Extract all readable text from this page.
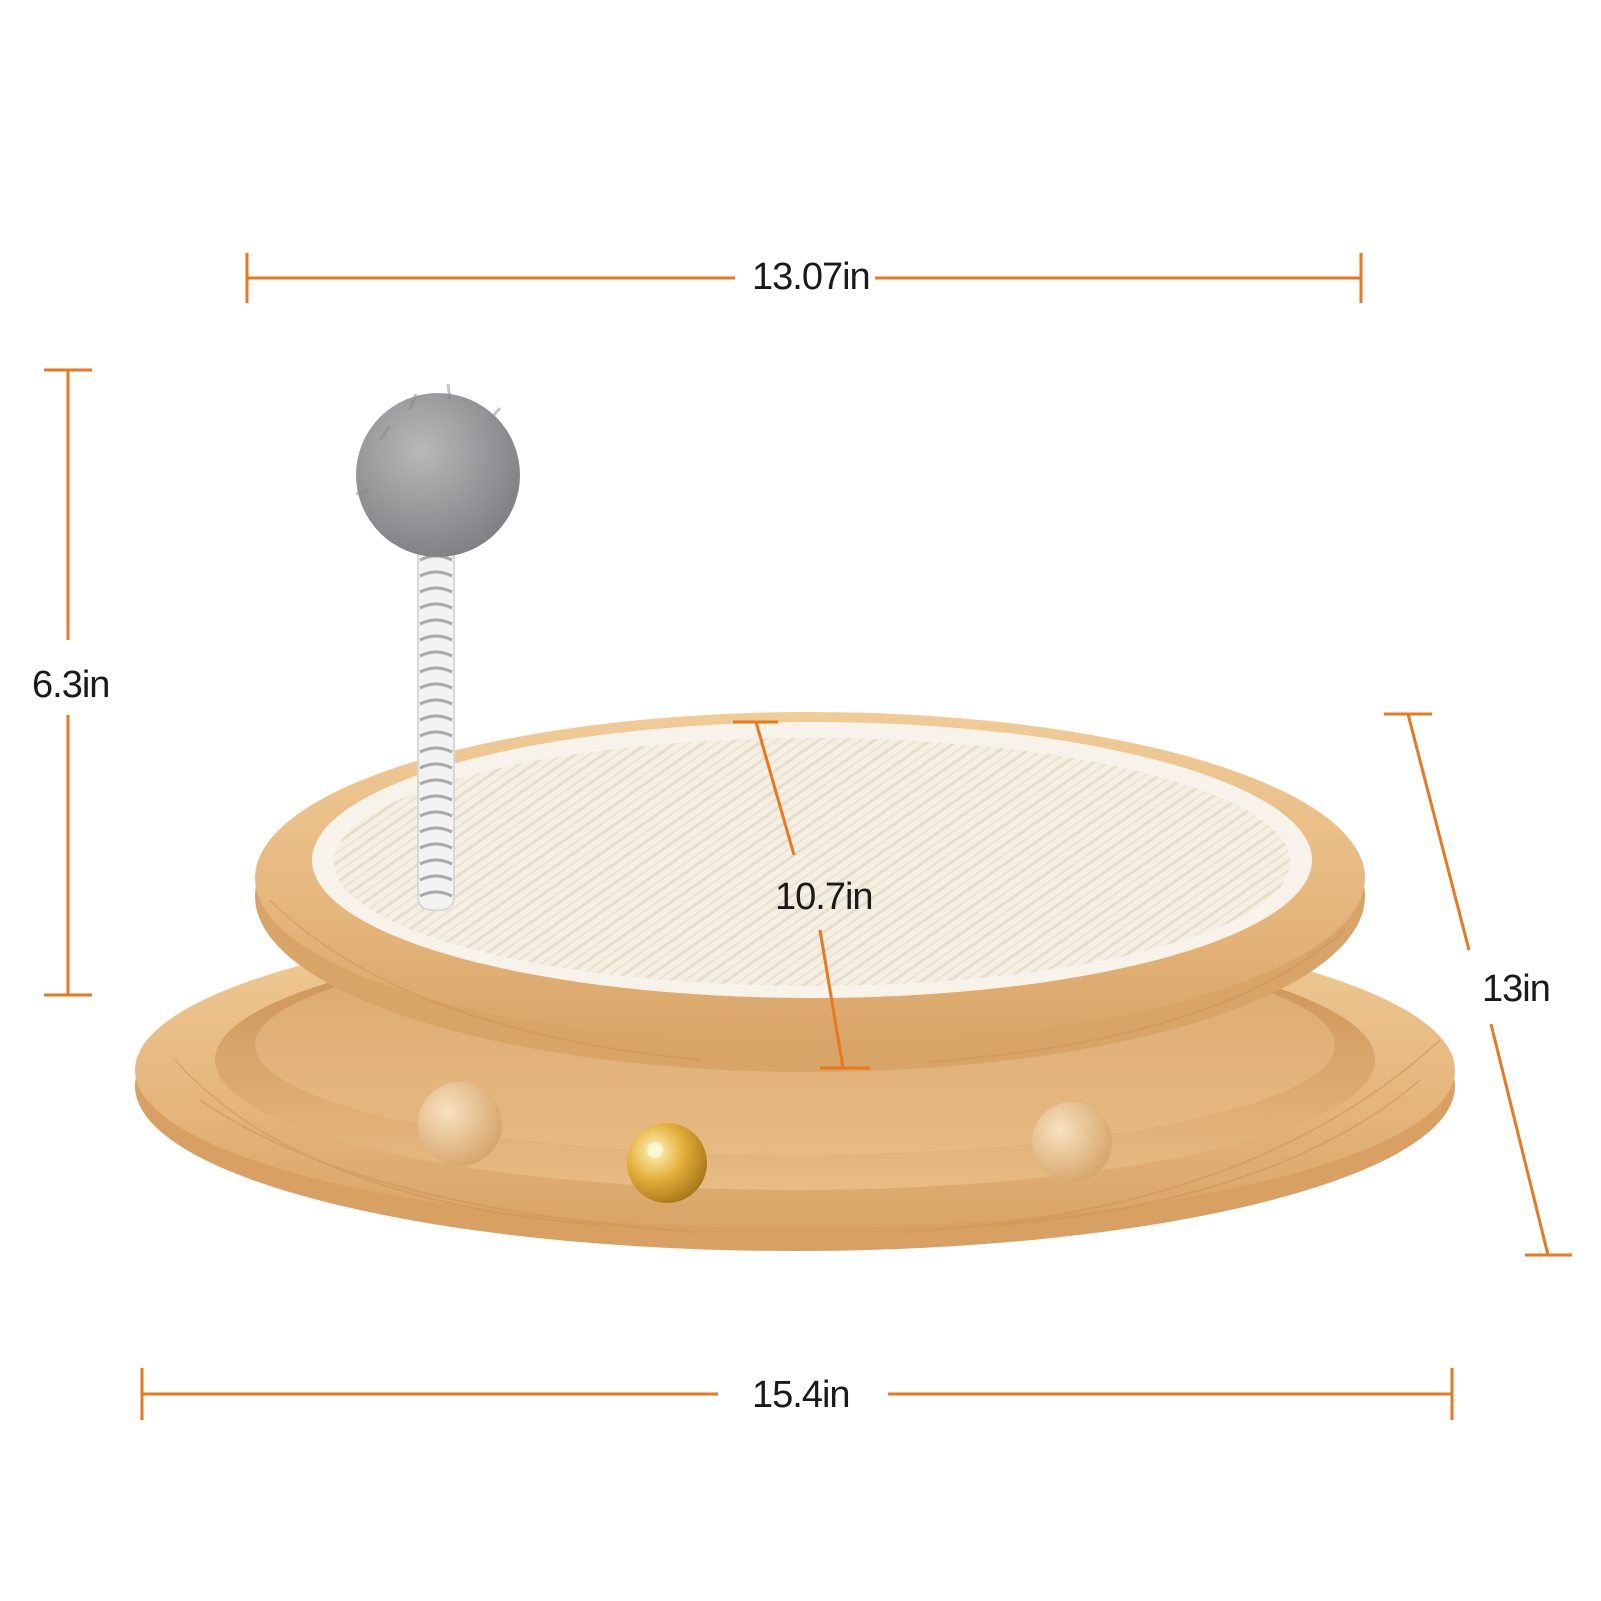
13.07in
6.3in
10.7in
13in
15.4in
